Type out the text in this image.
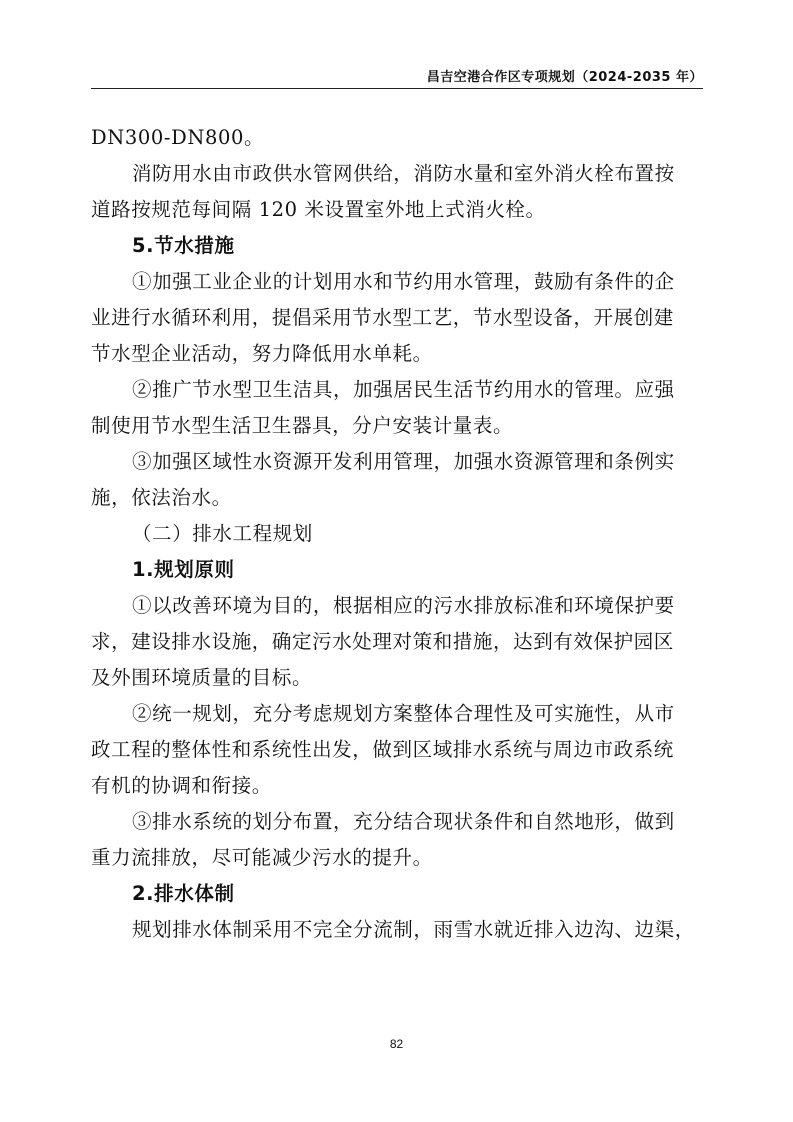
昌吉空港合作区专项规划（2024-2035 年）
DN300-DN800。
消防用水由市政供水管网供给，消防水量和室外消火栓布置按
道路按规范每间隔 120 米设置室外地上式消火栓。
5.节水措施
①加强工业企业的计划用水和节约用水管理，鼓励有条件的企
业进行水循环利用，提倡采用节水型工艺，节水型设备，开展创建
节水型企业活动，努力降低用水单耗。
②推广节水型卫生洁具，加强居民生活节约用水的管理。应强
制使用节水型生活卫生器具，分户安装计量表。
③加强区域性水资源开发利用管理，加强水资源管理和条例实
施，依法治水。
（二）排水工程规划
1.规划原则
①以改善环境为目的，根据相应的污水排放标准和环境保护要
求，建设排水设施，确定污水处理对策和措施，达到有效保护园区
及外围环境质量的目标。
②统一规划，充分考虑规划方案整体合理性及可实施性，从市
政工程的整体性和系统性出发，做到区域排水系统与周边市政系统
有机的协调和衔接。
③排水系统的划分布置，充分结合现状条件和自然地形，做到
重力流排放，尽可能减少污水的提升。
2.排水体制
规划排水体制采用不完全分流制，雨雪水就近排入边沟、边渠，
82
